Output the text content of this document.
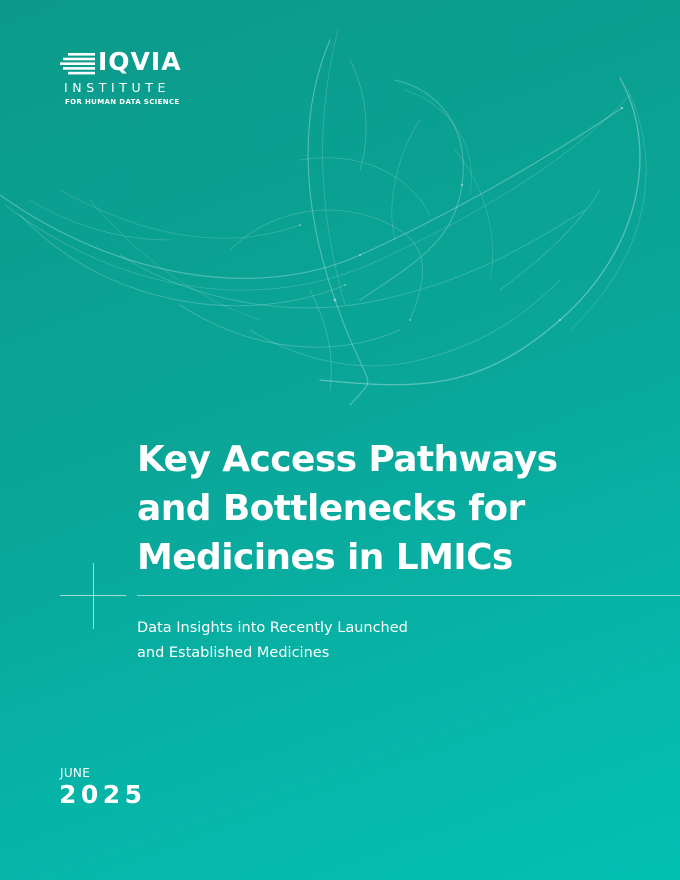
IQVIA
INSTITUTE
FOR HUMAN DATA SCIENCE
Key Access Pathways
and Bottlenecks for
Medicines in LMICs

Data Insights into Recently Launched
and Established Medicines

JUNE
2025
